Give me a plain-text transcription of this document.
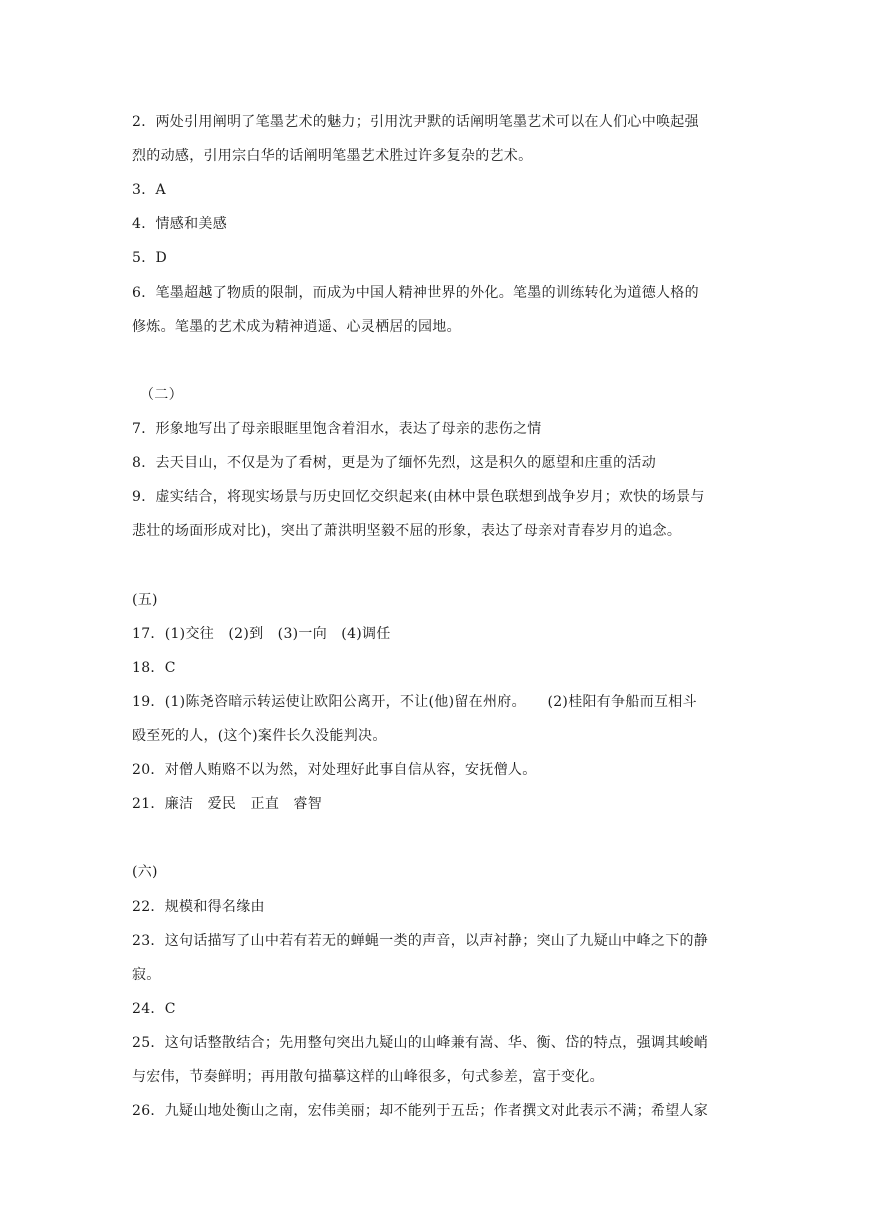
2．两处引用阐明了笔墨艺术的魅力；引用沈尹默的话阐明笔墨艺术可以在人们心中唤起强
烈的动感，引用宗白华的话阐明笔墨艺术胜过许多复杂的艺术。
3．A
4．情感和美感
5．D
6．笔墨超越了物质的限制，而成为中国人精神世界的外化。笔墨的训练转化为道德人格的
修炼。笔墨的艺术成为精神逍遥、心灵栖居的园地。
（二）
7．形象地写出了母亲眼眶里饱含着泪水，表达了母亲的悲伤之情
8．去天目山，不仅是为了看树，更是为了缅怀先烈，这是积久的愿望和庄重的活动
9．虚实结合，将现实场景与历史回忆交织起来(由林中景色联想到战争岁月；欢快的场景与
悲壮的场面形成对比)，突出了萧洪明坚毅不屈的形象，表达了母亲对青春岁月的追念。
(五)
17．(1)交往　(2)到　(3)一向　(4)调任
18．C
19．(1)陈尧咨暗示转运使让欧阳公离开，不让(他)留在州府。　　(2)桂阳有争船而互相斗
殴至死的人，(这个)案件长久没能判决。
20．对僧人贿赂不以为然，对处理好此事自信从容，安抚僧人。
21．廉洁　爱民　正直　睿智
(六)
22．规模和得名缘由
23．这句话描写了山中若有若无的蝉蝇一类的声音，以声衬静；突山了九疑山中峰之下的静
寂。
24．C
25．这句话整散结合；先用整句突出九疑山的山峰兼有嵩、华、衡、岱的特点，强调其峻峭
与宏伟，节奏鲜明；再用散句描摹这样的山峰很多，句式参差，富于变化。
26．九疑山地处衡山之南，宏伟美丽；却不能列于五岳；作者撰文对此表示不满；希望人家
